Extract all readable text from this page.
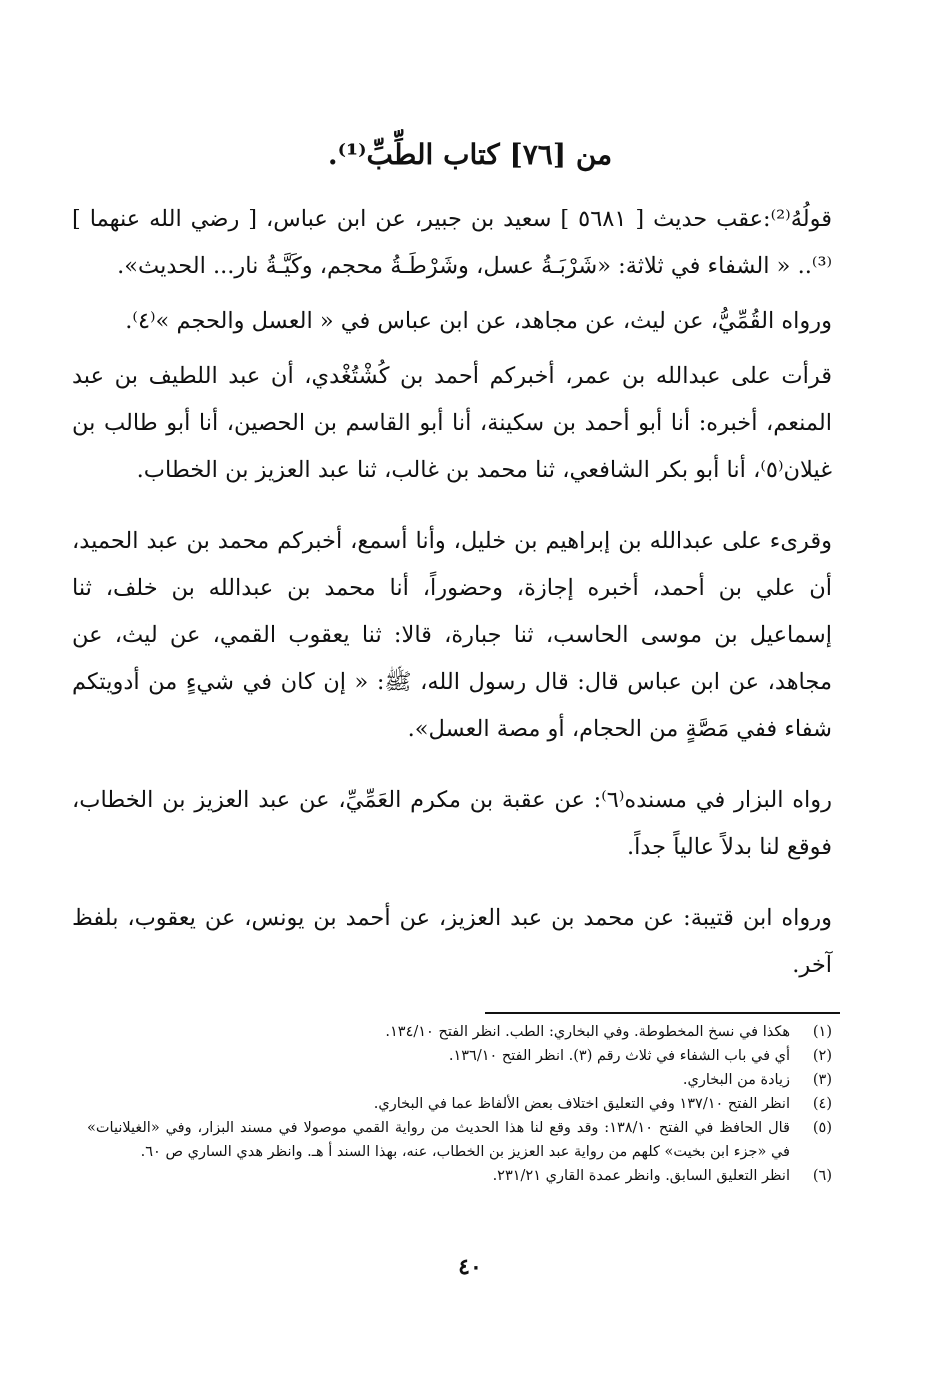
من [٧٦] كتاب الطِّبِّ⁽¹⁾.

قولُهُ⁽²⁾:عقب حديث [ ٥٦٨١ ] سعيد بن جبير، عن ابن عباس، [ رضي الله عنهما ]⁽³⁾.. « الشفاء في ثلاثة: «شَرْبَـةُ عسل، وشَرْطَـةُ محجم، وكَيَّـةُ نار... الحديث».

ورواه القُمِّيُّ، عن ليث، عن مجاهد، عن ابن عباس في « العسل والحجم »⁽٤⁾.

قرأت على عبدالله بن عمر، أخبركم أحمد بن كُشْتُغْدي، أن عبد اللطيف بن عبد المنعم، أخبره: أنا أبو أحمد بن سكينة، أنا أبو القاسم بن الحصين، أنا أبو طالب بن غيلان⁽٥⁾، أنا أبو بكر الشافعي، ثنا محمد بن غالب، ثنا عبد العزيز بن الخطاب.

وقرىء على عبدالله بن إبراهيم بن خليل، وأنا أسمع، أخبركم محمد بن عبد الحميد، أن علي بن أحمد، أخبره إجازة، وحضوراً، أنا محمد بن عبدالله بن خلف، ثنا إسماعيل بن موسى الحاسب، ثنا جبارة، قالا: ثنا يعقوب القمي، عن ليث، عن مجاهد، عن ابن عباس قال: قال رسول الله، ﷺ: « إن كان في شيءٍ من أدويتكم شفاء ففي مَصَّةٍ من الحجام، أو مصة العسل».

رواه البزار في مسنده⁽٦⁾: عن عقبة بن مكرم العَمِّيِّ، عن عبد العزيز بن الخطاب، فوقع لنا بدلاً عالياً جداً.

ورواه ابن قتيبة: عن محمد بن عبد العزيز، عن أحمد بن يونس، عن يعقوب، بلفظ آخر.

(١)
هكذا في نسخ المخطوطة. وفي البخاري: الطب. انظر الفتح ١٣٤/١٠.
(٢)
أي في باب الشفاء في ثلاث رقم (٣). انظر الفتح ١٣٦/١٠.
(٣)
زيادة من البخاري.
(٤)
انظر الفتح ١٣٧/١٠ وفي التعليق اختلاف بعض الألفاظ عما في البخاري.
(٥)
قال الحافظ في الفتح ١٣٨/١٠: وقد وقع لنا هذا الحديث من رواية القمي موصولا في مسند البزار، وفي «الغيلانيات» في «جزء ابن بخيت» كلهم من رواية عبد العزيز بن الخطاب، عنه، بهذا السند أ هـ. وانظر هدي الساري ص ٦٠.
(٦)
انظر التعليق السابق. وانظر عمدة القاري ٢٣١/٢١.
٤٠
